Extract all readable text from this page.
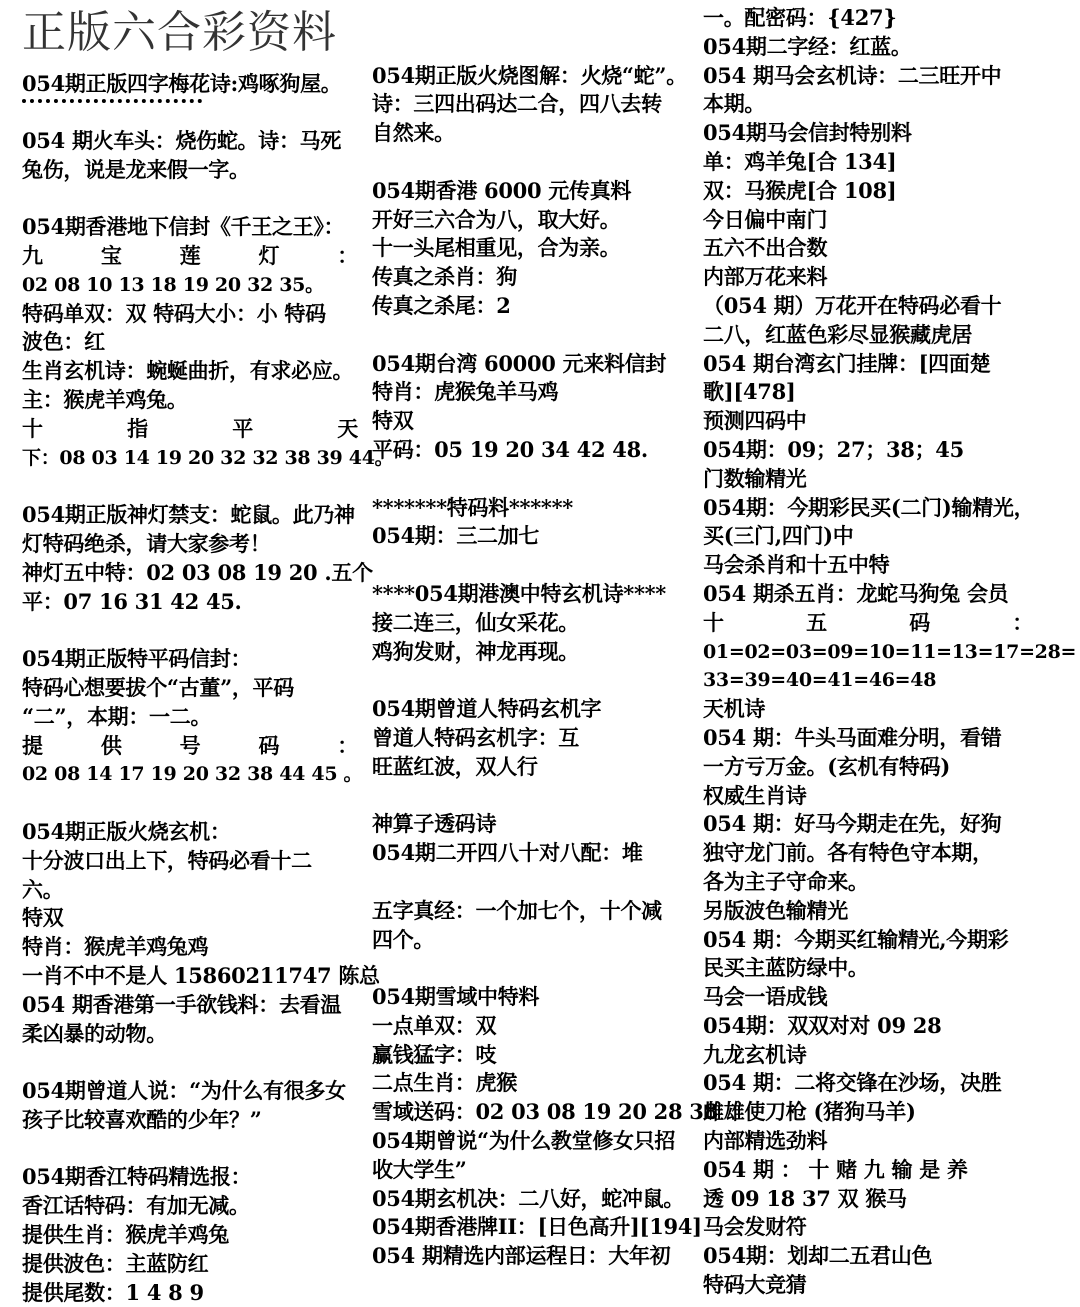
正版六合彩资料
054期正版四字梅花诗:鸡啄狗屋。
054 期火车头：烧伤蛇。诗：马死
兔伤，说是龙来假一字。
054期香港地下信封《千王之王》：
九	宝	莲	灯	：
02 08 10 13 18 19 20 32 35。
特码单双：双 特码大小：小 特码
波色：红
生肖玄机诗：蜿蜒曲折，有求必应。
主：猴虎羊鸡兔。
十	指	平	天
下：08 03 14 19 20 32 32 38 39 44。
054期正版神灯禁支：蛇鼠。此乃神
灯特码绝杀，请大家参考！
神灯五中特：02 03 08 19 20 .五个
平：07 16 31 42 45.
054期正版特平码信封：
特码心想要拔个“古董”，平码
“二”，本期：一二。
提	供	号	码	：
02 08 14 17 19 20 32 38 44 45 。
054期正版火烧玄机：
十分波口出上下，特码必看十二
六。
特双
特肖：猴虎羊鸡兔鸡
一肖不中不是人 15860211747 陈总
054 期香港第一手欲钱料：去看温
柔凶暴的动物。
054期曾道人说：“为什么有很多女
孩子比较喜欢酷的少年？”
054期香江特码精选报：
香江话特码：有加无减。
提供生肖：猴虎羊鸡兔
提供波色：主蓝防红
提供尾数：1 4 8 9
054期正版火烧图解：火烧“蛇”。
诗：三四出码达二合，四八去转
自然来。
054期香港 6000 元传真料
开好三六合为八，取大好。
十一头尾相重见，合为亲。
传真之杀肖：狗
传真之杀尾：2
054期台湾 60000 元来料信封
特肖：虎猴兔羊马鸡
特双
平码：05 19 20 34 42 48.
*******特码料******
054期：三二加七
****054期港澳中特玄机诗****
接二连三，仙女采花。
鸡狗发财，神龙再现。
054期曾道人特码玄机字
曾道人特码玄机字：互
旺蓝红波，双人行
神算子透码诗
054期二开四八十对八配：堆
五字真经：一个加七个，十个减
四个。
054期雪域中特料
一点单双：双
赢钱猛字：吱
二点生肖：虎猴
雪域送码：02 03 08 19 20 28 38
054期曾说“为什么教堂修女只招
收大学生”
054期玄机决：二八好，蛇冲鼠。
054期香港牌II：[日色高升][194]
054 期精选内部运程日：大年初
一。配密码：{427}
054期二字经：红蓝。
054 期马会玄机诗：二三旺开中
本期。
054期马会信封特别料
单：鸡羊兔[合 134]
双：马猴虎[合 108]
今日偏中南门
五六不出合数
内部万花来料
（054 期）万花开在特码必看十
二八，红蓝色彩尽显猴藏虎居
054 期台湾玄门挂牌：[四面楚
歌][478]
预测四码中
054期：09；27；38；45
门数输精光
054期：今期彩民买(二门)输精光，
买(三门,四门)中
马会杀肖和十五中特
054 期杀五肖：龙蛇马狗兔 会员
十	五	码	：
01=02=03=09=10=11=13=17=28=
33=39=40=41=46=48
天机诗
054 期：牛头马面难分明，看错
一方亏万金。(玄机有特码)
权威生肖诗
054 期：好马今期走在先，好狗
独守龙门前。各有特色守本期，
各为主子守命来。
另版波色输精光
054 期：今期买红输精光,今期彩
民买主蓝防绿中。
马会一语成钱
054期：双双对对 09 28
九龙玄机诗
054 期：二将交锋在沙场，决胜
雌雄使刀枪 (猪狗马羊)
内部精选劲料
054 期 ： 十 赌 九 输 是 养
透 09 18 37 双 猴马
马会发财符
054期：划却二五君山色
特码大竞猜
